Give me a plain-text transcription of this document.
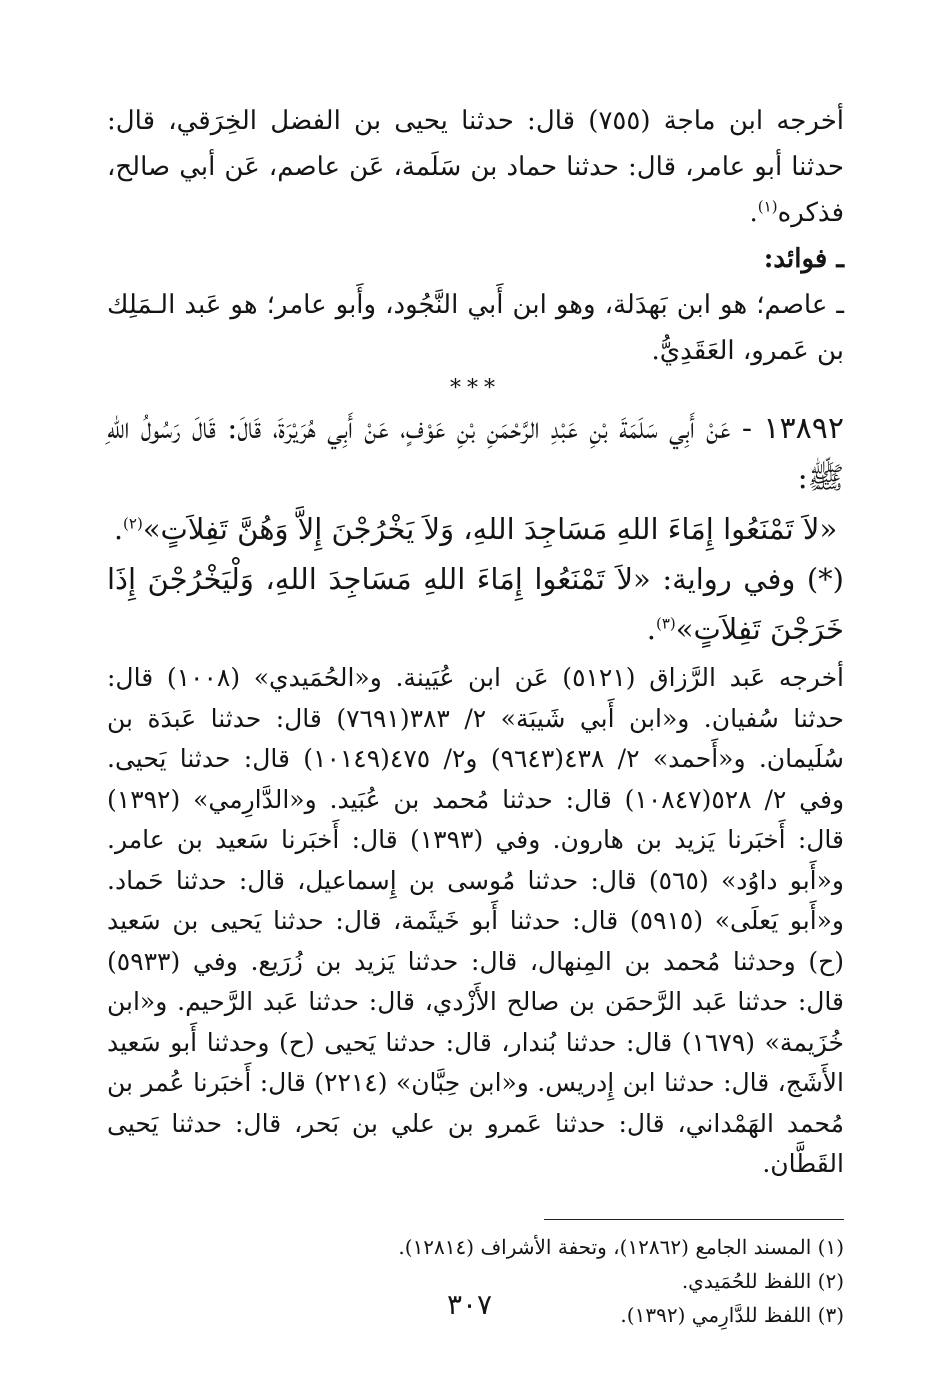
أخرجه ابن ماجة (٧٥٥) قال: حدثنا يحيى بن الفضل الخِرَقي، قال: حدثنا أبو عامر، قال: حدثنا حماد بن سَلَمة، عَن عاصم، عَن أبي صالح، فذكره$^{(١)}$.

ـ فوائد:

ـ عاصم؛ هو ابن بَهدَلة، وهو ابن أَبي النَّجُود، وأَبو عامر؛ هو عَبد الـمَلِك بن عَمرو، العَقَدِيُّ.

***

١٣٨٩٢ - عَنْ أَبِي سَلَمَةَ بْنِ عَبْدِ الرَّحْمَنِ بْنِ عَوْفٍ، عَنْ أَبِي هُرَيْرَةَ، قَالَ: قَالَ رَسُولُ اللهِ ﷺ:

«لاَ تَمْنَعُوا إِمَاءَ اللهِ مَسَاجِدَ اللهِ، وَلاَ يَخْرُجْنَ إِلاَّ وَهُنَّ تَفِلاَتٍ»$^{(٢)}$.

(*) وفي رواية: «لاَ تَمْنَعُوا إِمَاءَ اللهِ مَسَاجِدَ اللهِ، وَلْيَخْرُجْنَ إِذَا خَرَجْنَ تَفِلاَتٍ»$^{(٣)}$.

أخرجه عَبد الرَّزاق (٥١٢١) عَن ابن عُيَينة. و«الحُمَيدي» (١٠٠٨) قال: حدثنا سُفيان. و«ابن أَبي شَيبَة» ٢/ ٣٨٣(٧٦٩١) قال: حدثنا عَبدَة بن سُلَيمان. و«أَحمد» ٢/ ٤٣٨(٩٦٤٣) و٢/ ٤٧٥(١٠١٤٩) قال: حدثنا يَحيى. وفي ٢/ ٥٢٨(١٠٨٤٧) قال: حدثنا مُحمد بن عُبَيد. و«الدَّارِمي» (١٣٩٢) قال: أَخبَرنا يَزيد بن هارون. وفي (١٣٩٣) قال: أَخبَرنا سَعيد بن عامر. و«أَبو داوُد» (٥٦٥) قال: حدثنا مُوسى بن إِسماعيل، قال: حدثنا حَماد. و«أَبو يَعلَى» (٥٩١٥) قال: حدثنا أَبو خَيثَمة، قال: حدثنا يَحيى بن سَعيد (ح) وحدثنا مُحمد بن المِنهال، قال: حدثنا يَزيد بن زُرَيع. وفي (٥٩٣٣) قال: حدثنا عَبد الرَّحمَن بن صالح الأَزْدي، قال: حدثنا عَبد الرَّحيم. و«ابن خُزَيمة» (١٦٧٩) قال: حدثنا بُندار، قال: حدثنا يَحيى (ح) وحدثنا أَبو سَعيد الأَشَج، قال: حدثنا ابن إِدريس. و«ابن حِبَّان» (٢٢١٤) قال: أَخبَرنا عُمر بن مُحمد الهَمْداني، قال: حدثنا عَمرو بن علي بن بَحر، قال: حدثنا يَحيى القَطَّان.

(١) المسند الجامع (١٢٨٦٢)، وتحفة الأشراف (١٢٨١٤).

(٢) اللفظ للحُمَيدي.

(٣) اللفظ للدَّارِمي (١٣٩٢).

٣٠٧
